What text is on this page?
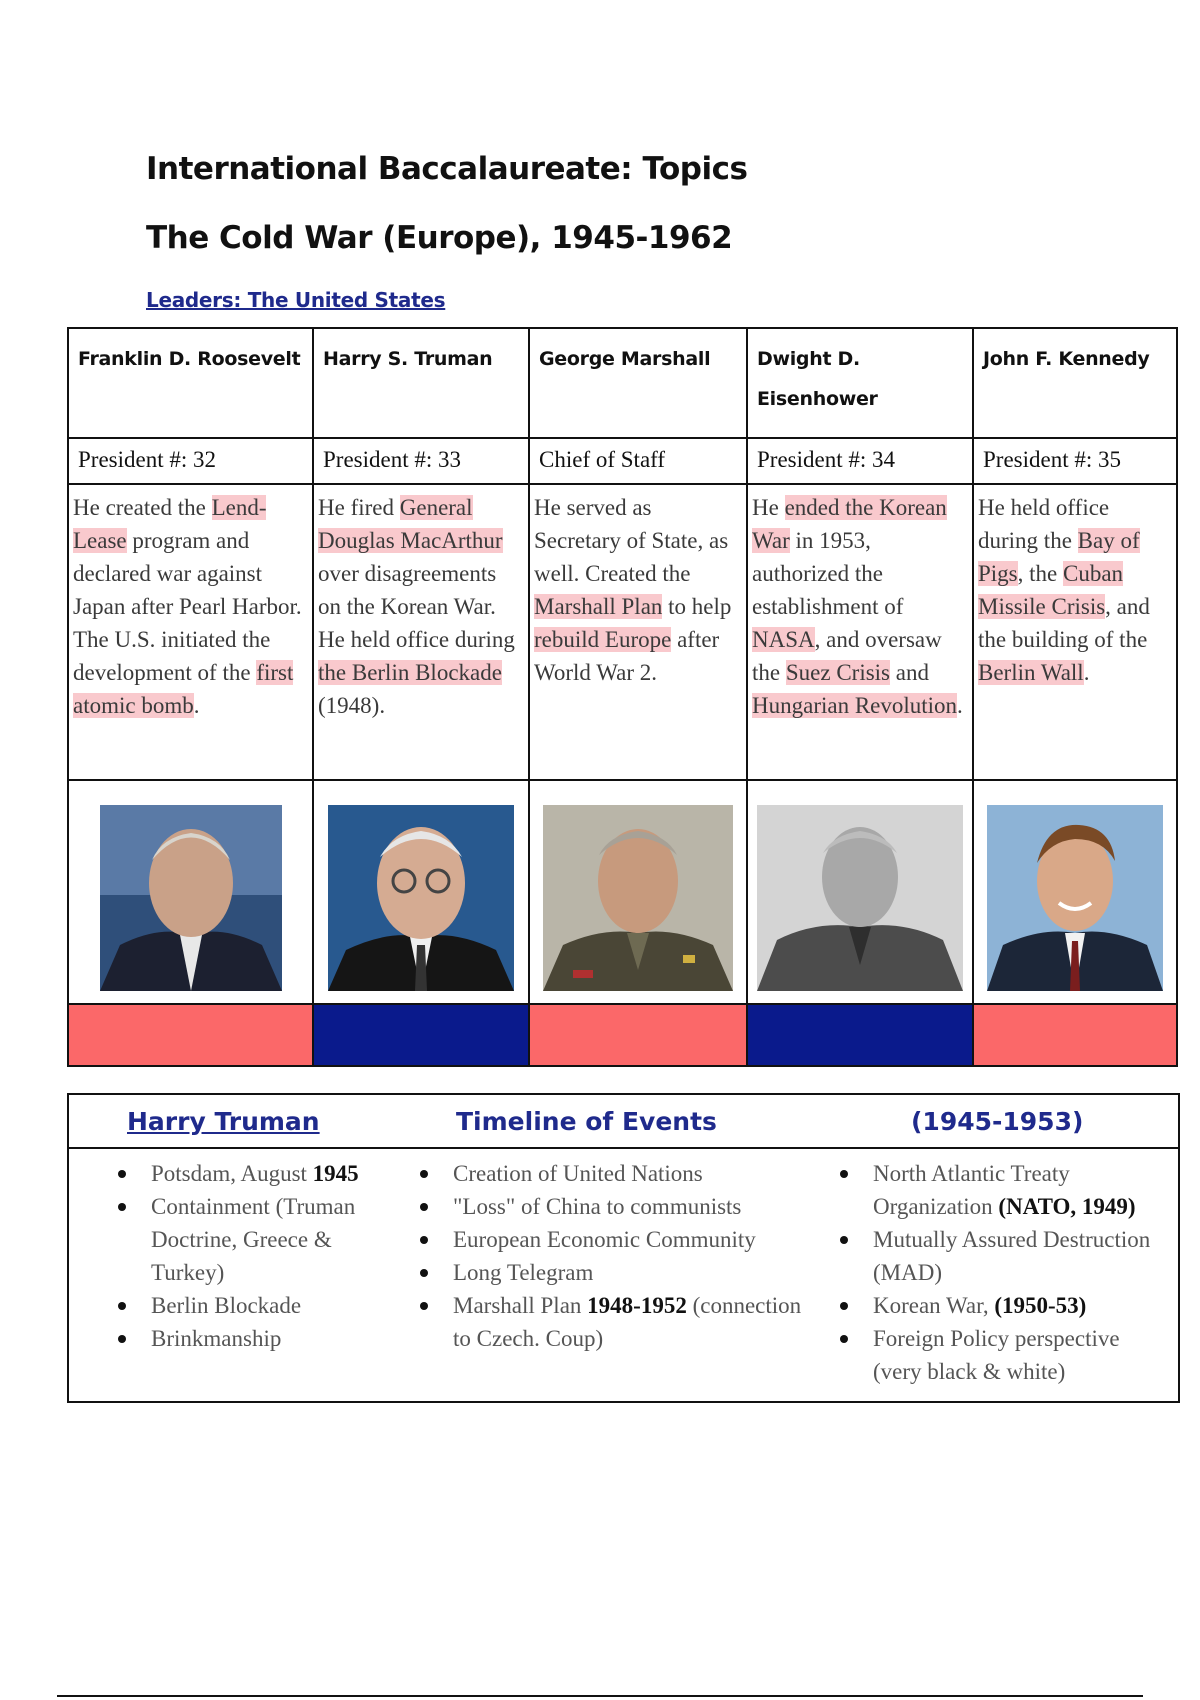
International Baccalaureate: Topics
The Cold War (Europe), 1945-1962
Leaders: The United States
Franklin D. Roosevelt	Harry S. Truman	George Marshall	Dwight D. Eisenhower	John F. Kennedy
President #: 32	President #: 33	Chief of Staff	President #: 34	President #: 35
He created the Lend-Lease program and declared war against Japan after Pearl Harbor. The U.S. initiated the development of the first atomic bomb.	He fired General Douglas MacArthur over disagreements on the Korean War. He held office during the Berlin Blockade (1948).	He served as Secretary of State, as well. Created the Marshall Plan to help rebuild Europe after World War 2.	He ended the Korean War in 1953, authorized the establishment of NASA, and oversaw the Suez Crisis and Hungarian Revolution.	He held office during the Bay of Pigs, the Cuban Missile Crisis, and the building of the Berlin Wall.

Harry Truman	Timeline of Events	(1945-1953)
Potsdam, August 1945
Containment (Truman Doctrine, Greece & Turkey)
Berlin Blockade
Brinkmanship
Creation of United Nations
"Loss" of China to communists
European Economic Community
Long Telegram
Marshall Plan 1948-1952 (connection to Czech. Coup)
North Atlantic Treaty Organization (NATO, 1949)
Mutually Assured Destruction (MAD)
Korean War, (1950-53)
Foreign Policy perspective (very black & white)
